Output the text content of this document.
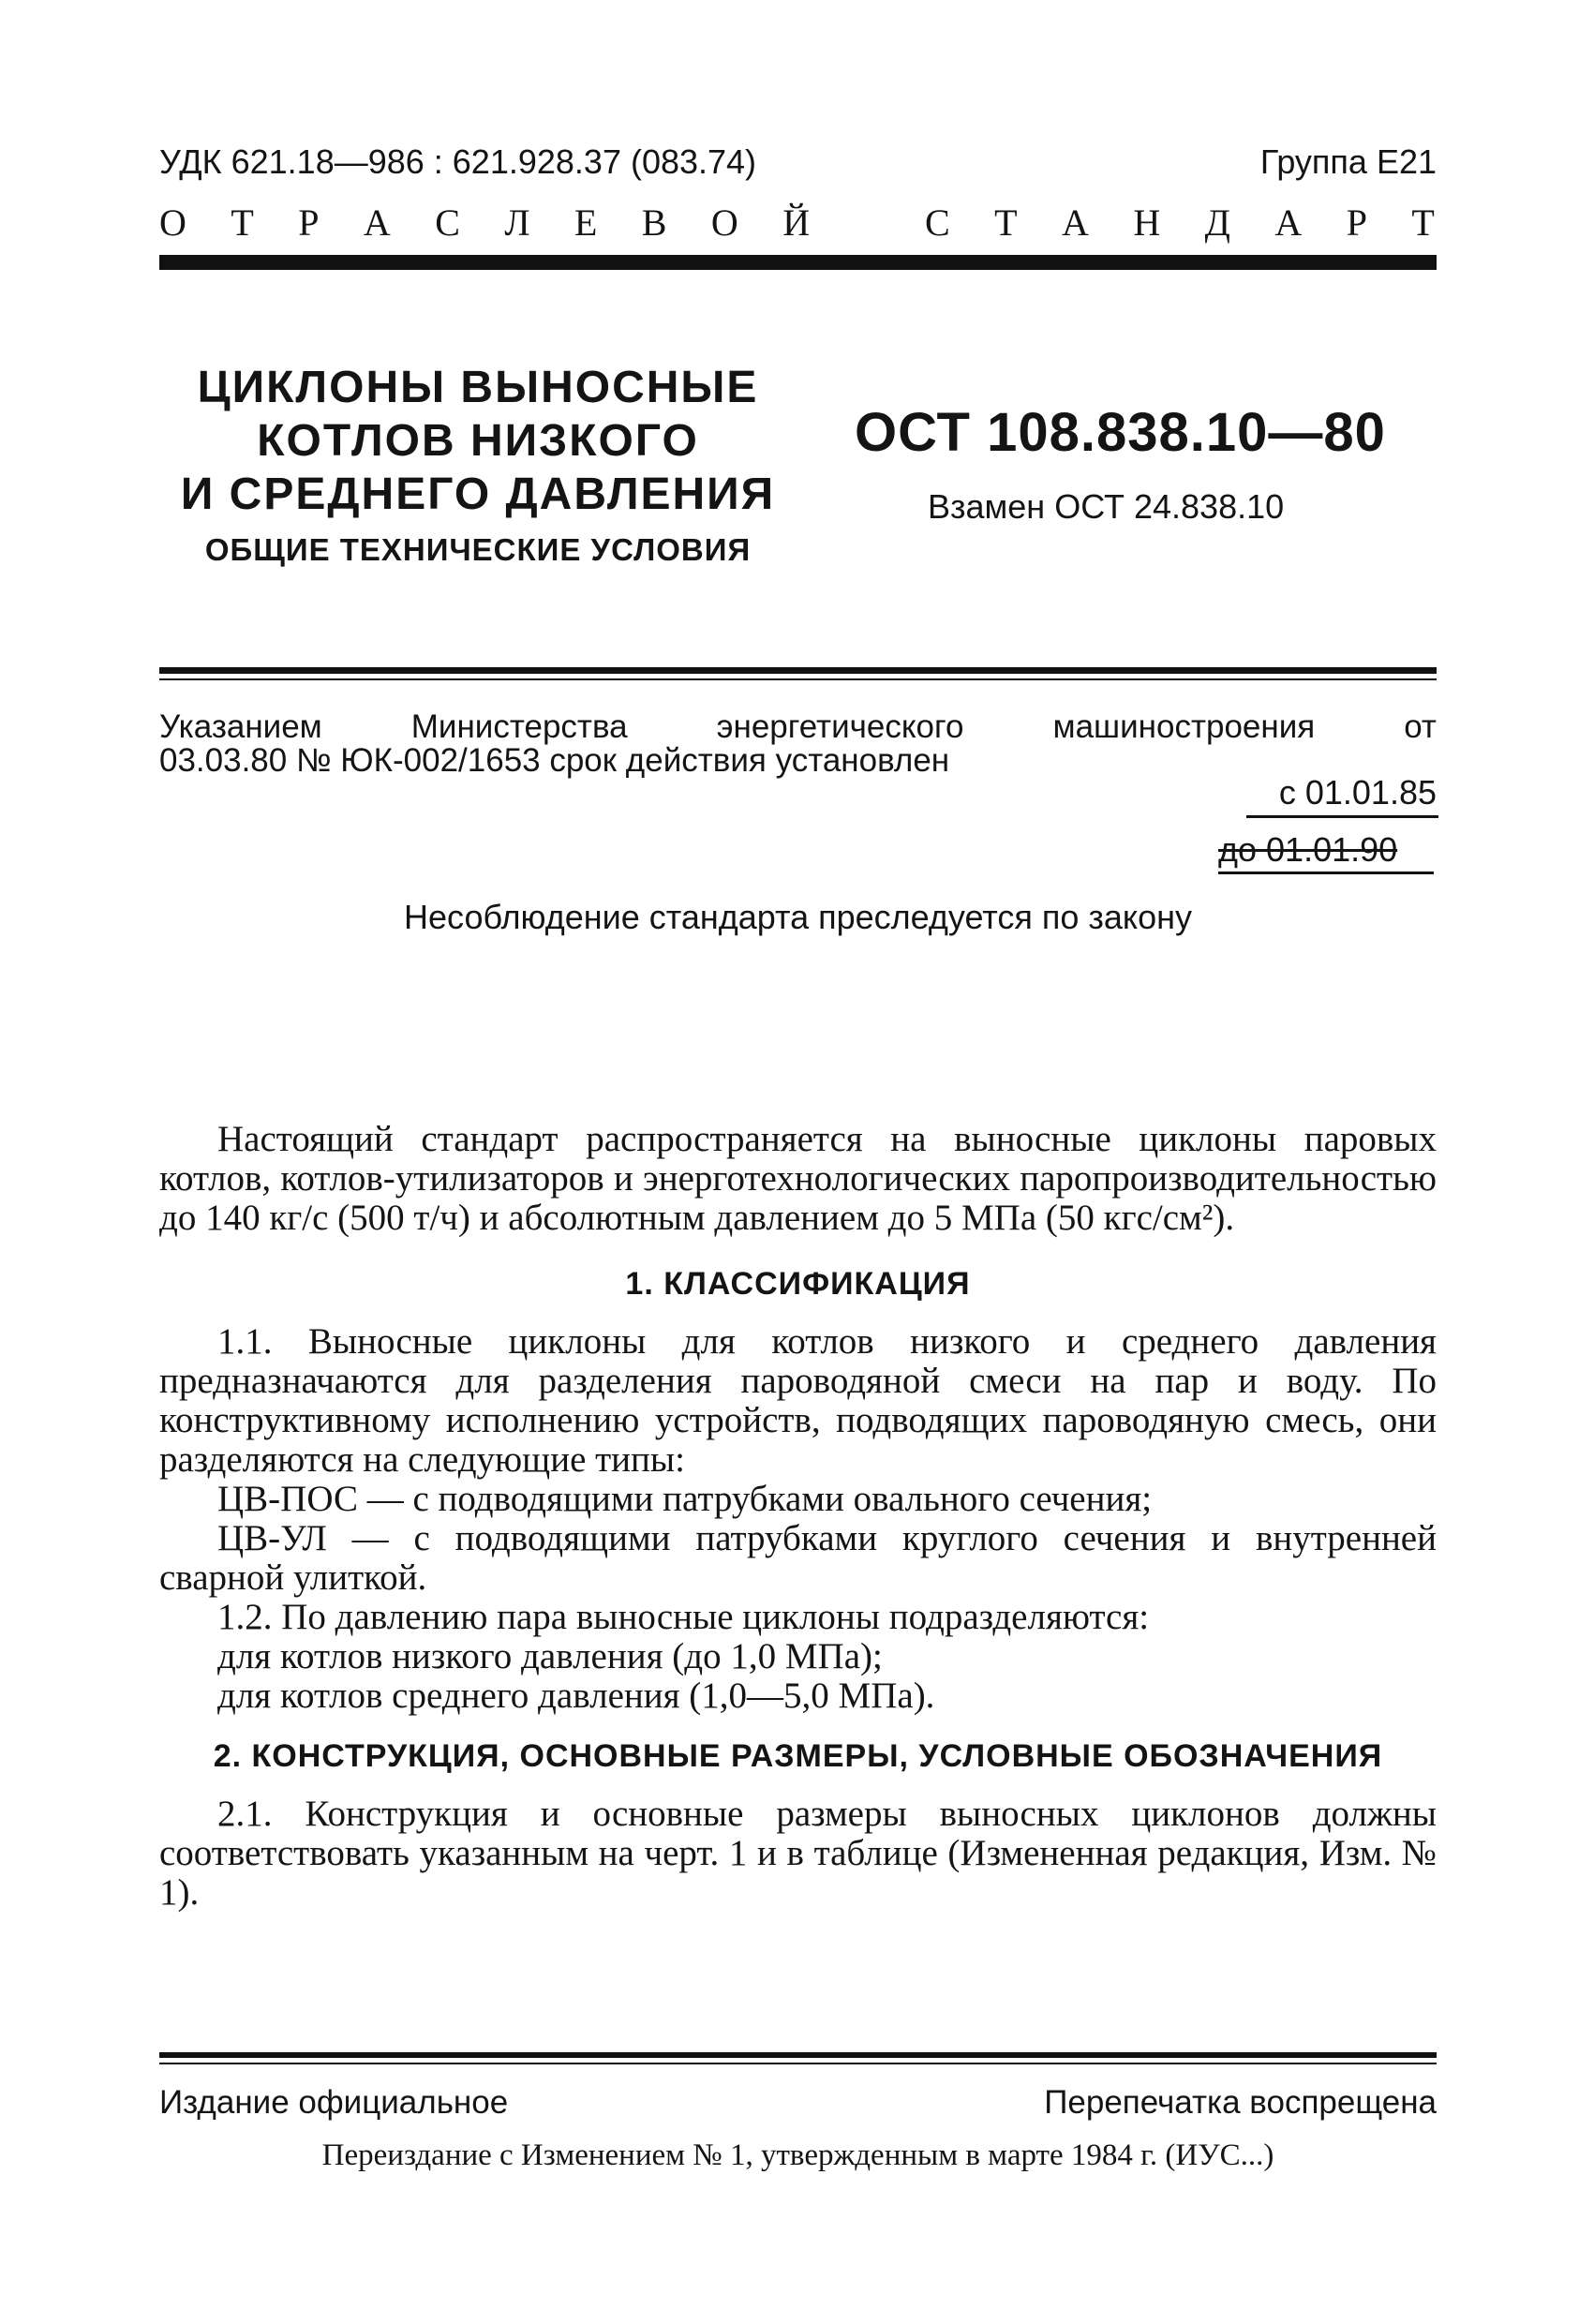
УДК 621.18—986 : 621.928.37 (083.74)	Группа Е21
О Т Р А С Л Е В О Й	С Т А Н Д А Р Т
ЦИКЛОНЫ ВЫНОСНЫЕ
КОТЛОВ НИЗКОГО
И СРЕДНЕГО ДАВЛЕНИЯ
ОБЩИЕ ТЕХНИЧЕСКИЕ УСЛОВИЯ
ОСТ 108.838.10—80
Взамен ОСТ 24.838.10
Указанием	Министерства	энергетического	машиностроения	от
03.03.80 № ЮК-002/1653 срок действия установлен
с 01.01.85
до 01.01.90
Несоблюдение стандарта преследуется по закону

Настоящий стандарт распространяется на выносные циклоны паровых котлов, котлов-утилизаторов и энерготехнологических паропроизводительностью до 140 кг/с (500 т/ч) и абсолютным давлением до 5 МПа (50 кгс/см²).

1. КЛАССИФИКАЦИЯ

1.1. Выносные циклоны для котлов низкого и среднего давления предназначаются для разделения пароводяной смеси на пар и воду. По конструктивному исполнению устройств, подводящих пароводяную смесь, они разделяются на следующие типы:

ЦВ-ПОС — с подводящими патрубками овального сечения;

ЦВ-УЛ — с подводящими патрубками круглого сечения и внутренней сварной улиткой.

1.2. По давлению пара выносные циклоны подразделяются:

для котлов низкого давления (до 1,0 МПа);

для котлов среднего давления (1,0—5,0 МПа).

2. КОНСТРУКЦИЯ, ОСНОВНЫЕ РАЗМЕРЫ, УСЛОВНЫЕ ОБОЗНАЧЕНИЯ

2.1. Конструкция и основные размеры выносных циклонов должны соответствовать указанным на черт. 1 и в таблице (Измененная редакция, Изм. № 1).

Издание официальное	Перепечатка воспрещена
Переиздание с Изменением № 1, утвержденным в марте 1984 г. (ИУС...)
